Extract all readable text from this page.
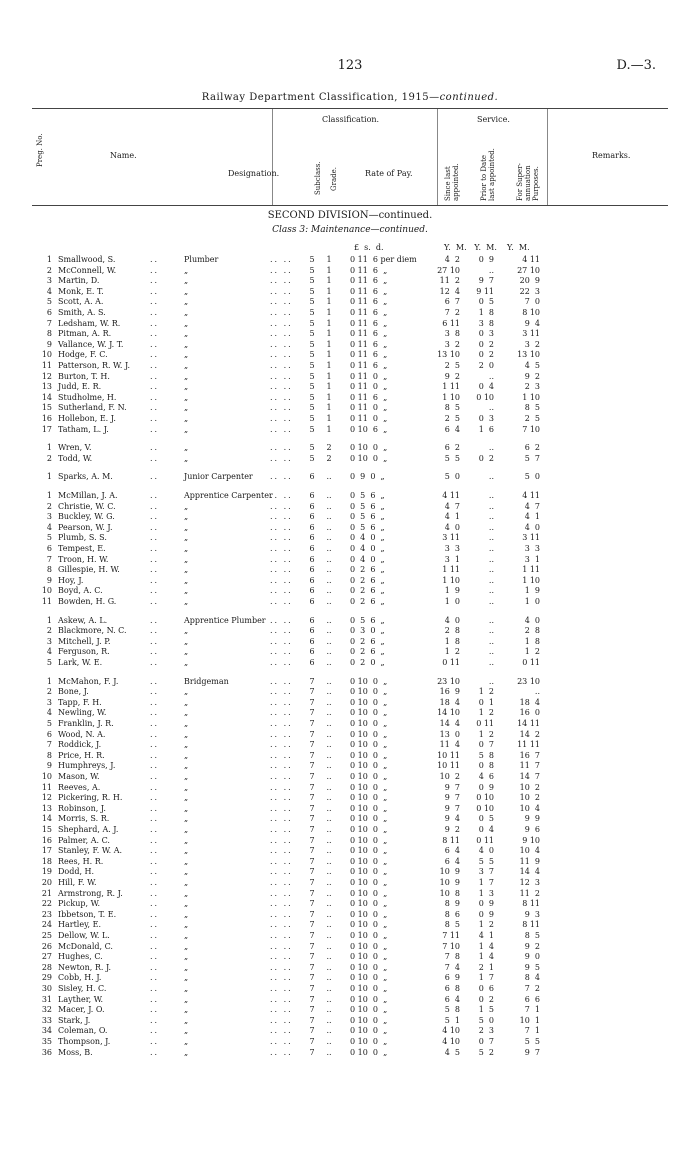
123	D.—3.
Railway Department Classification, 1915—continued.
Preg. No.	Name.
Classification.	Service.
Designation.	Subclass. Grade.	Rate of Pay.	Since last appointed.	Prior to Date last appointed.	For Super-annuation Purposes.
Remarks.
SECOND DIVISION—continued.
Class 3: Maintenance—continued.
£  s.  d.	Y.  M.   Y.  M.    Y.  M.
1 Smallwood, S.	Plumber	5	1	0 11  6 per diem	4  2	0  9	4 11
..	.. ..
2 McConnell, W.	„	5	1	0 11  6  „	27 10	..	27 10
..	.. ..
3 Martin, D.	„	5	1	0 11  6  „	11  2	9  7	20  9
..	.. ..
4 Monk, E. T.	„	5	1	0 11  6  „	12  4	9 11	22  3
..	.. ..
5 Scott, A. A.	„	5	1	0 11  6  „	6  7	0  5	7  0
..	.. ..
6 Smith, A. S.	„	5	1	0 11  6  „	7  2	1  8	8 10
..	.. ..
7 Ledsham, W. R.	„	5	1	0 11  6  „	6 11	3  8	9  4
..	.. ..
8 Pitman, A. R.	„	5	1	0 11  6  „	3  8	0  3	3 11
..	.. ..
9 Vallance, W. J. T.	„	5	1	0 11  6  „	3  2	0  2	3  2
..	.. ..
10 Hodge, F. C.	„	5	1	0 11  6  „	13 10	0  2	13 10
..	.. ..
11 Patterson, R. W. J.	„	5	1	0 11  6  „	2  5	2  0	4  5
..	.. ..
12 Burton, T. H.	„	5	1	0 11  0  „	9  2	..	9  2
..	.. ..
13 Judd, E. R.	„	5	1	0 11  0  „	1 11	0  4	2  3
..	.. ..
14 Studholme, H.	„	5	1	0 11  6  „	1 10	0 10	1 10
..	.. ..
15 Sutherland, F. N.	„	5	1	0 11  0  „	8  5	..	8  5
..	.. ..
16 Hollebon, E. J.	„	5	1	0 11  0  „	2  5	0  3	2  5
..	.. ..
17 Tatham, L. J.	„	5	1	0 10  6  „	6  4	1  6	7 10
..	.. ..
1 Wren, V.	„	5	2	0 10  0  „	6  2	..	6  2
..	.. ..
2 Todd, W.	„	5	2	0 10  0  „	5  5	0  2	5  7
..	.. ..
1 Sparks, A. M.	Junior Carpenter	6	..	0  9  0  „	5  0	..	5  0
..	.. ..
1 McMillan, J. A.	Apprentice Carpenter	6	..	0  5  6  „	4 11	..	4 11
..	.. ..
2 Christie, W. C.	„	6	..	0  5  6  „	4  7	..	4  7
..	.. ..
3 Buckley, W. G.	„	6	..	0  5  6  „	4  1	..	4  1
..	.. ..
4 Pearson, W. J.	„	6	..	0  5  6  „	4  0	..	4  0
..	.. ..
5 Plumb, S. S.	„	6	..	0  4  0  „	3 11	..	3 11
..	.. ..
6 Tempest, E.	„	6	..	0  4  0  „	3  3	..	3  3
..	.. ..
7 Troon, H. W.	„	6	..	0  4  0  „	3  1	..	3  1
..	.. ..
8 Gillespie, H. W.	„	6	..	0  2  6  „	1 11	..	1 11
..	.. ..
9 Hoy, J.	„	6	..	0  2  6  „	1 10	..	1 10
..	.. ..
10 Boyd, A. C.	„	6	..	0  2  6  „	1  9	..	1  9
..	.. ..
11 Bowden, H. G.	„	6	..	0  2  6  „	1  0	..	1  0
..	.. ..
1 Askew, A. L.	Apprentice Plumber	6	..	0  5  6  „	4  0	..	4  0
..	.. ..
2 Blackmore, N. C.	„	6	..	0  3  0  „	2  8	..	2  8
..	.. ..
3 Mitchell, J. P.	„	6	..	0  2  6  „	1  8	..	1  8
..	.. ..
4 Ferguson, R.	„	6	..	0  2  6  „	1  2	..	1  2
..	.. ..
5 Lark, W. E.	„	6	..	0  2  0  „	0 11	..	0 11
..	.. ..
1 McMahon, F. J.	Bridgeman	7	..	0 10  0  „	23 10	..	23 10
..	.. ..
2 Bone, J.	„	7	..	0 10  0  „	16  9	1  2	..
..	.. ..
3 Tapp, F. H.	„	7	..	0 10  0  „	18  4	0  1	18  4
..	.. ..
4 Newling, W.	„	7	..	0 10  0  „	14 10	1  2	16  0
..	.. ..
5 Franklin, J. R.	„	7	..	0 10  0  „	14  4	0 11	14 11
..	.. ..
6 Wood, N. A.	„	7	..	0 10  0  „	13  0	1  2	14  2
..	.. ..
7 Roddick, J.	„	7	..	0 10  0  „	11  4	0  7	11 11
..	.. ..
8 Price, H. R.	„	7	..	0 10  0  „	10 11	5  8	16  7
..	.. ..
9 Humphreys, J.	„	7	..	0 10  0  „	10 11	0  8	11  7
..	.. ..
10 Mason, W.	„	7	..	0 10  0  „	10  2	4  6	14  7
..	.. ..
11 Reeves, A.	„	7	..	0 10  0  „	9  7	0  9	10  2
..	.. ..
12 Pickering, R. H.	„	7	..	0 10  0  „	9  7	0 10	10  2
..	.. ..
13 Robinson, J.	„	7	..	0 10  0  „	9  7	0 10	10  4
..	.. ..
14 Morris, S. R.	„	7	..	0 10  0  „	9  4	0  5	9  9
..	.. ..
15 Shephard, A. J.	„	7	..	0 10  0  „	9  2	0  4	9  6
..	.. ..
16 Palmer, A. C.	„	7	..	0 10  0  „	8 11	0 11	9 10
..	.. ..
17 Stanley, F. W. A.	„	7	..	0 10  0  „	6  4	4  0	10  4
..	.. ..
18 Rees, H. R.	„	7	..	0 10  0  „	6  4	5  5	11  9
..	.. ..
19 Dodd, H.	„	7	..	0 10  0  „	10  9	3  7	14  4
..	.. ..
20 Hill, F. W.	„	7	..	0 10  0  „	10  9	1  7	12  3
..	.. ..
21 Armstrong, R. J.	„	7	..	0 10  0  „	10  8	1  3	11  2
..	.. ..
22 Pickup, W.	„	7	..	0 10  0  „	8  9	0  9	8 11
..	.. ..
23 Ibbetson, T. E.	„	7	..	0 10  0  „	8  6	0  9	9  3
..	.. ..
24 Hartley, E.	„	7	..	0 10  0  „	8  5	1  2	8 11
..	.. ..
25 Dellow, W. L.	„	7	..	0 10  0  „	7 11	4  1	8  5
..	.. ..
26 McDonald, C.	„	7	..	0 10  0  „	7 10	1  4	9  2
..	.. ..
27 Hughes, C.	„	7	..	0 10  0  „	7  8	1  4	9  0
..	.. ..
28 Newton, R. J.	„	7	..	0 10  0  „	7  4	2  1	9  5
..	.. ..
29 Cobb, H. J.	„	7	..	0 10  0  „	6  9	1  7	8  4
..	.. ..
30 Sisley, H. C.	„	7	..	0 10  0  „	6  8	0  6	7  2
..	.. ..
31 Layther, W.	„	7	..	0 10  0  „	6  4	0  2	6  6
..	.. ..
32 Macer, J. O.	„	7	..	0 10  0  „	5  8	1  5	7  1
..	.. ..
33 Stark, J.	„	7	..	0 10  0  „	5  1	5  0	10  1
..	.. ..
34 Coleman, O.	„	7	..	0 10  0  „	4 10	2  3	7  1
..	.. ..
35 Thompson, J.	„	7	..	0 10  0  „	4 10	0  7	5  5
..	.. ..
36 Moss, B.	„	7	..	0 10  0  „	4  5	5  2	9  7
..	.. ..
